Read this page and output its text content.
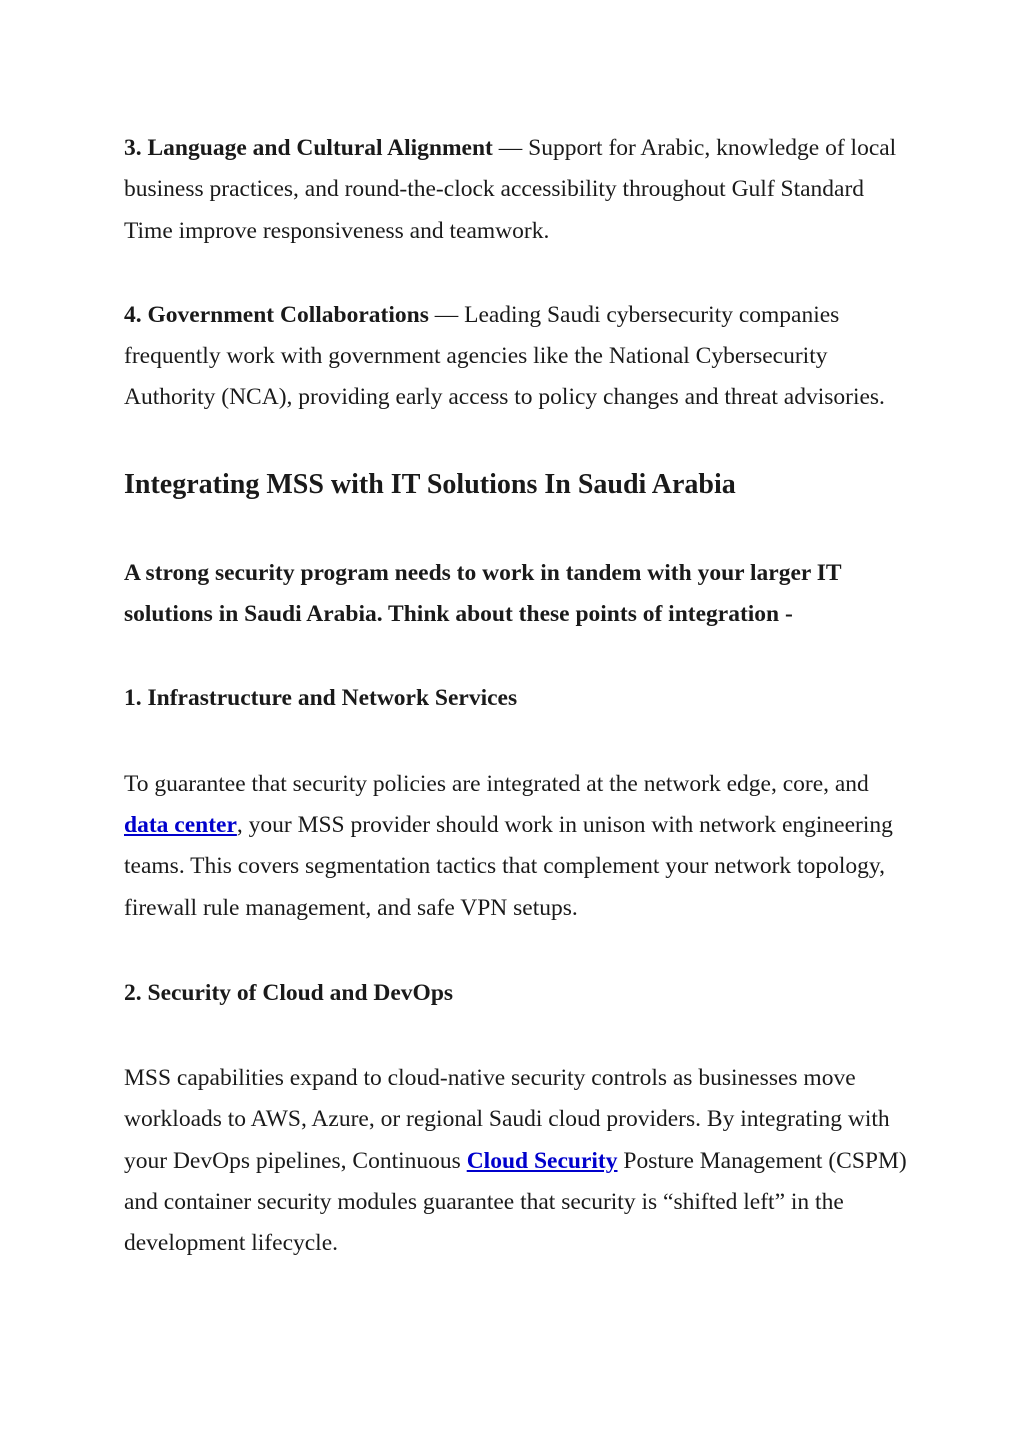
3. Language and Cultural Alignment — Support for Arabic, knowledge of local business practices, and round-the-clock accessibility throughout Gulf Standard Time improve responsiveness and teamwork.

4. Government Collaborations — Leading Saudi cybersecurity companies frequently work with government agencies like the National Cybersecurity Authority (NCA), providing early access to policy changes and threat advisories.

Integrating MSS with IT Solutions In Saudi Arabia

A strong security program needs to work in tandem with your larger IT solutions in Saudi Arabia. Think about these points of integration -

1. Infrastructure and Network Services

To guarantee that security policies are integrated at the network edge, core, and data center, your MSS provider should work in unison with network engineering teams. This covers segmentation tactics that complement your network topology, firewall rule management, and safe VPN setups.

2. Security of Cloud and DevOps

MSS capabilities expand to cloud-native security controls as businesses move workloads to AWS, Azure, or regional Saudi cloud providers. By integrating with your DevOps pipelines, Continuous Cloud Security Posture Management (CSPM) and container security modules guarantee that security is “shifted left” in the development lifecycle.
